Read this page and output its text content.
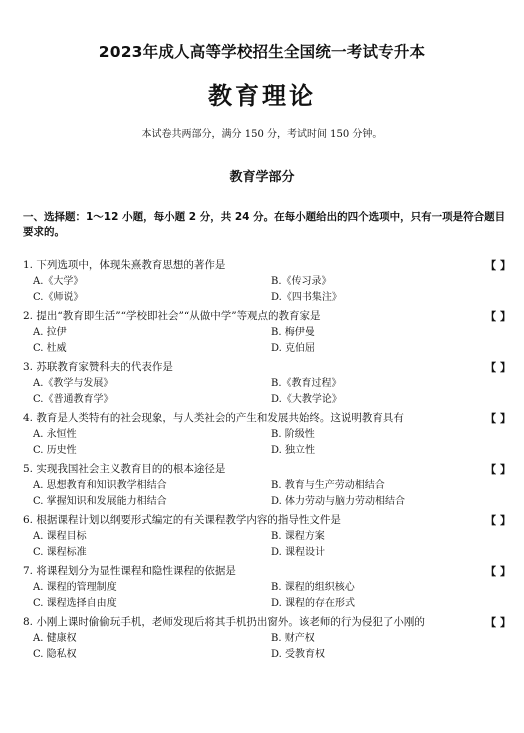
2023年成人高等学校招生全国统一考试专升本
教育理论
本试卷共两部分，满分 150 分，考试时间 150 分钟。
教育学部分
一、选择题：1～12 小题，每小题 2 分，共 24 分。在每小题给出的四个选项中，只有一项是符合题目要求的。
1. 下列选项中，体现朱熹教育思想的著作是	【 】
A.《大学》	B.《传习录》
C.《师说》	D.《四书集注》
2. 提出“教育即生活”“学校即社会”“从做中学”等观点的教育家是	【 】
A. 拉伊	B. 梅伊曼
C. 杜威	D. 克伯屈
3. 苏联教育家赞科夫的代表作是	【 】
A.《教学与发展》	B.《教育过程》
C.《普通教育学》	D.《大教学论》
4. 教育是人类特有的社会现象，与人类社会的产生和发展共始终。这说明教育具有	【 】
A. 永恒性	B. 阶级性
C. 历史性	D. 独立性
5. 实现我国社会主义教育目的的根本途径是	【 】
A. 思想教育和知识教学相结合	B. 教育与生产劳动相结合
C. 掌握知识和发展能力相结合	D. 体力劳动与脑力劳动相结合
6. 根据课程计划以纲要形式编定的有关课程教学内容的指导性文件是	【 】
A. 课程目标	B. 课程方案
C. 课程标准	D. 课程设计
7. 将课程划分为显性课程和隐性课程的依据是	【 】
A. 课程的管理制度	B. 课程的组织核心
C. 课程选择自由度	D. 课程的存在形式
8. 小刚上课时偷偷玩手机，老师发现后将其手机扔出窗外。该老师的行为侵犯了小刚的	【 】
A. 健康权	B. 财产权
C. 隐私权	D. 受教育权
